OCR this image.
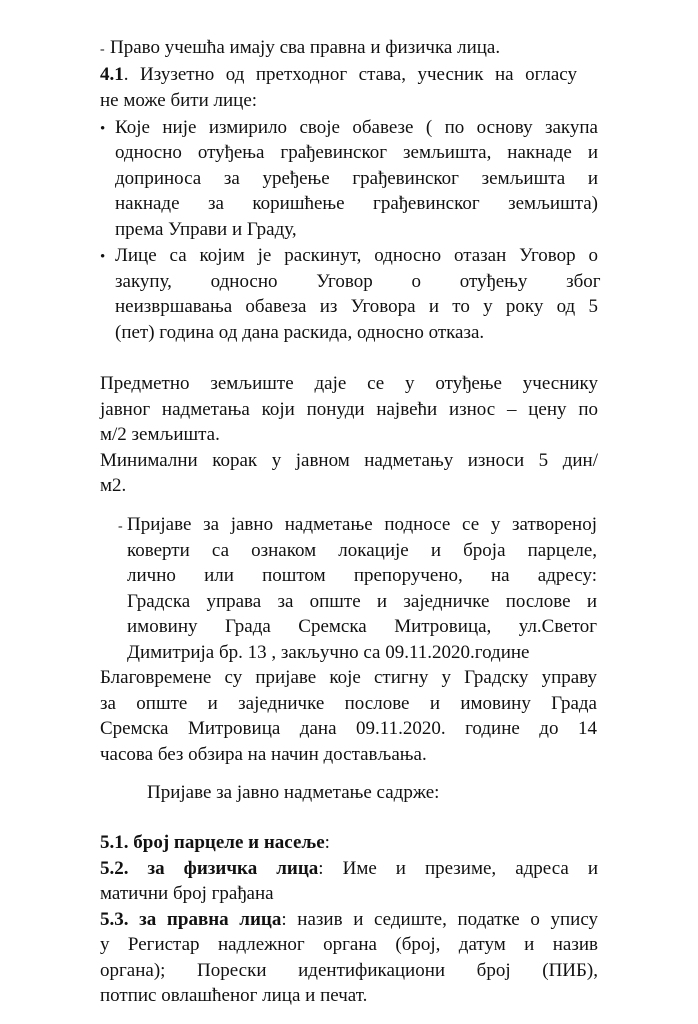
- Право учешћа имају сва правна и физичка лица.
4.1. Изузетно од претходног става, учесник на огласу
не може бити лице:
• Које није измирило своје обавезе ( по основу закупа
односно отуђења грађевинског земљишта, накнаде и
доприноса за уређење грађевинског земљишта и
накнаде за коришћење грађевинског земљишта)
према Управи и Граду,
• Лице са којим је раскинут, односно отазан Уговор о
закупу, односно Уговор о отуђењу због
неизвршавања обавеза из Уговора и то у року од 5
(пет) година од дана раскида, односно отказа.
Предметно земљиште даје се у отуђење учеснику
јавног надметања који понуди највећи износ – цену по
м/2 земљишта.
Минимални корак у јавном надметању износи 5 дин/
м2.
- Пријаве за јавно надметање подносе се у затвореној
коверти са ознаком локације и броја парцеле,
лично или поштом препоручено, на адресу:
Градска управа за опште и заједничке послове и
имовину Града Сремска Митровица, ул.Светог
Димитрија бр. 13 , закључно са 09.11.2020.године
Благовремене су пријаве које стигну у Градску управу
за опште и заједничке послове и имовину Града
Сремска Митровица дана 09.11.2020. године до 14
часова без обзира на начин достављања.
Пријаве за јавно надметање садрже:
5.1. број парцеле и насеље:
5.2. за физичка лица: Име и презиме, адреса и
матични број грађана
5.3. за правна лица: назив и седиште, податке о упису
у Регистар надлежног органа (број, датум и назив
органа); Порески идентификациони број (ПИБ),
потпис овлашћеног лица и печат.
